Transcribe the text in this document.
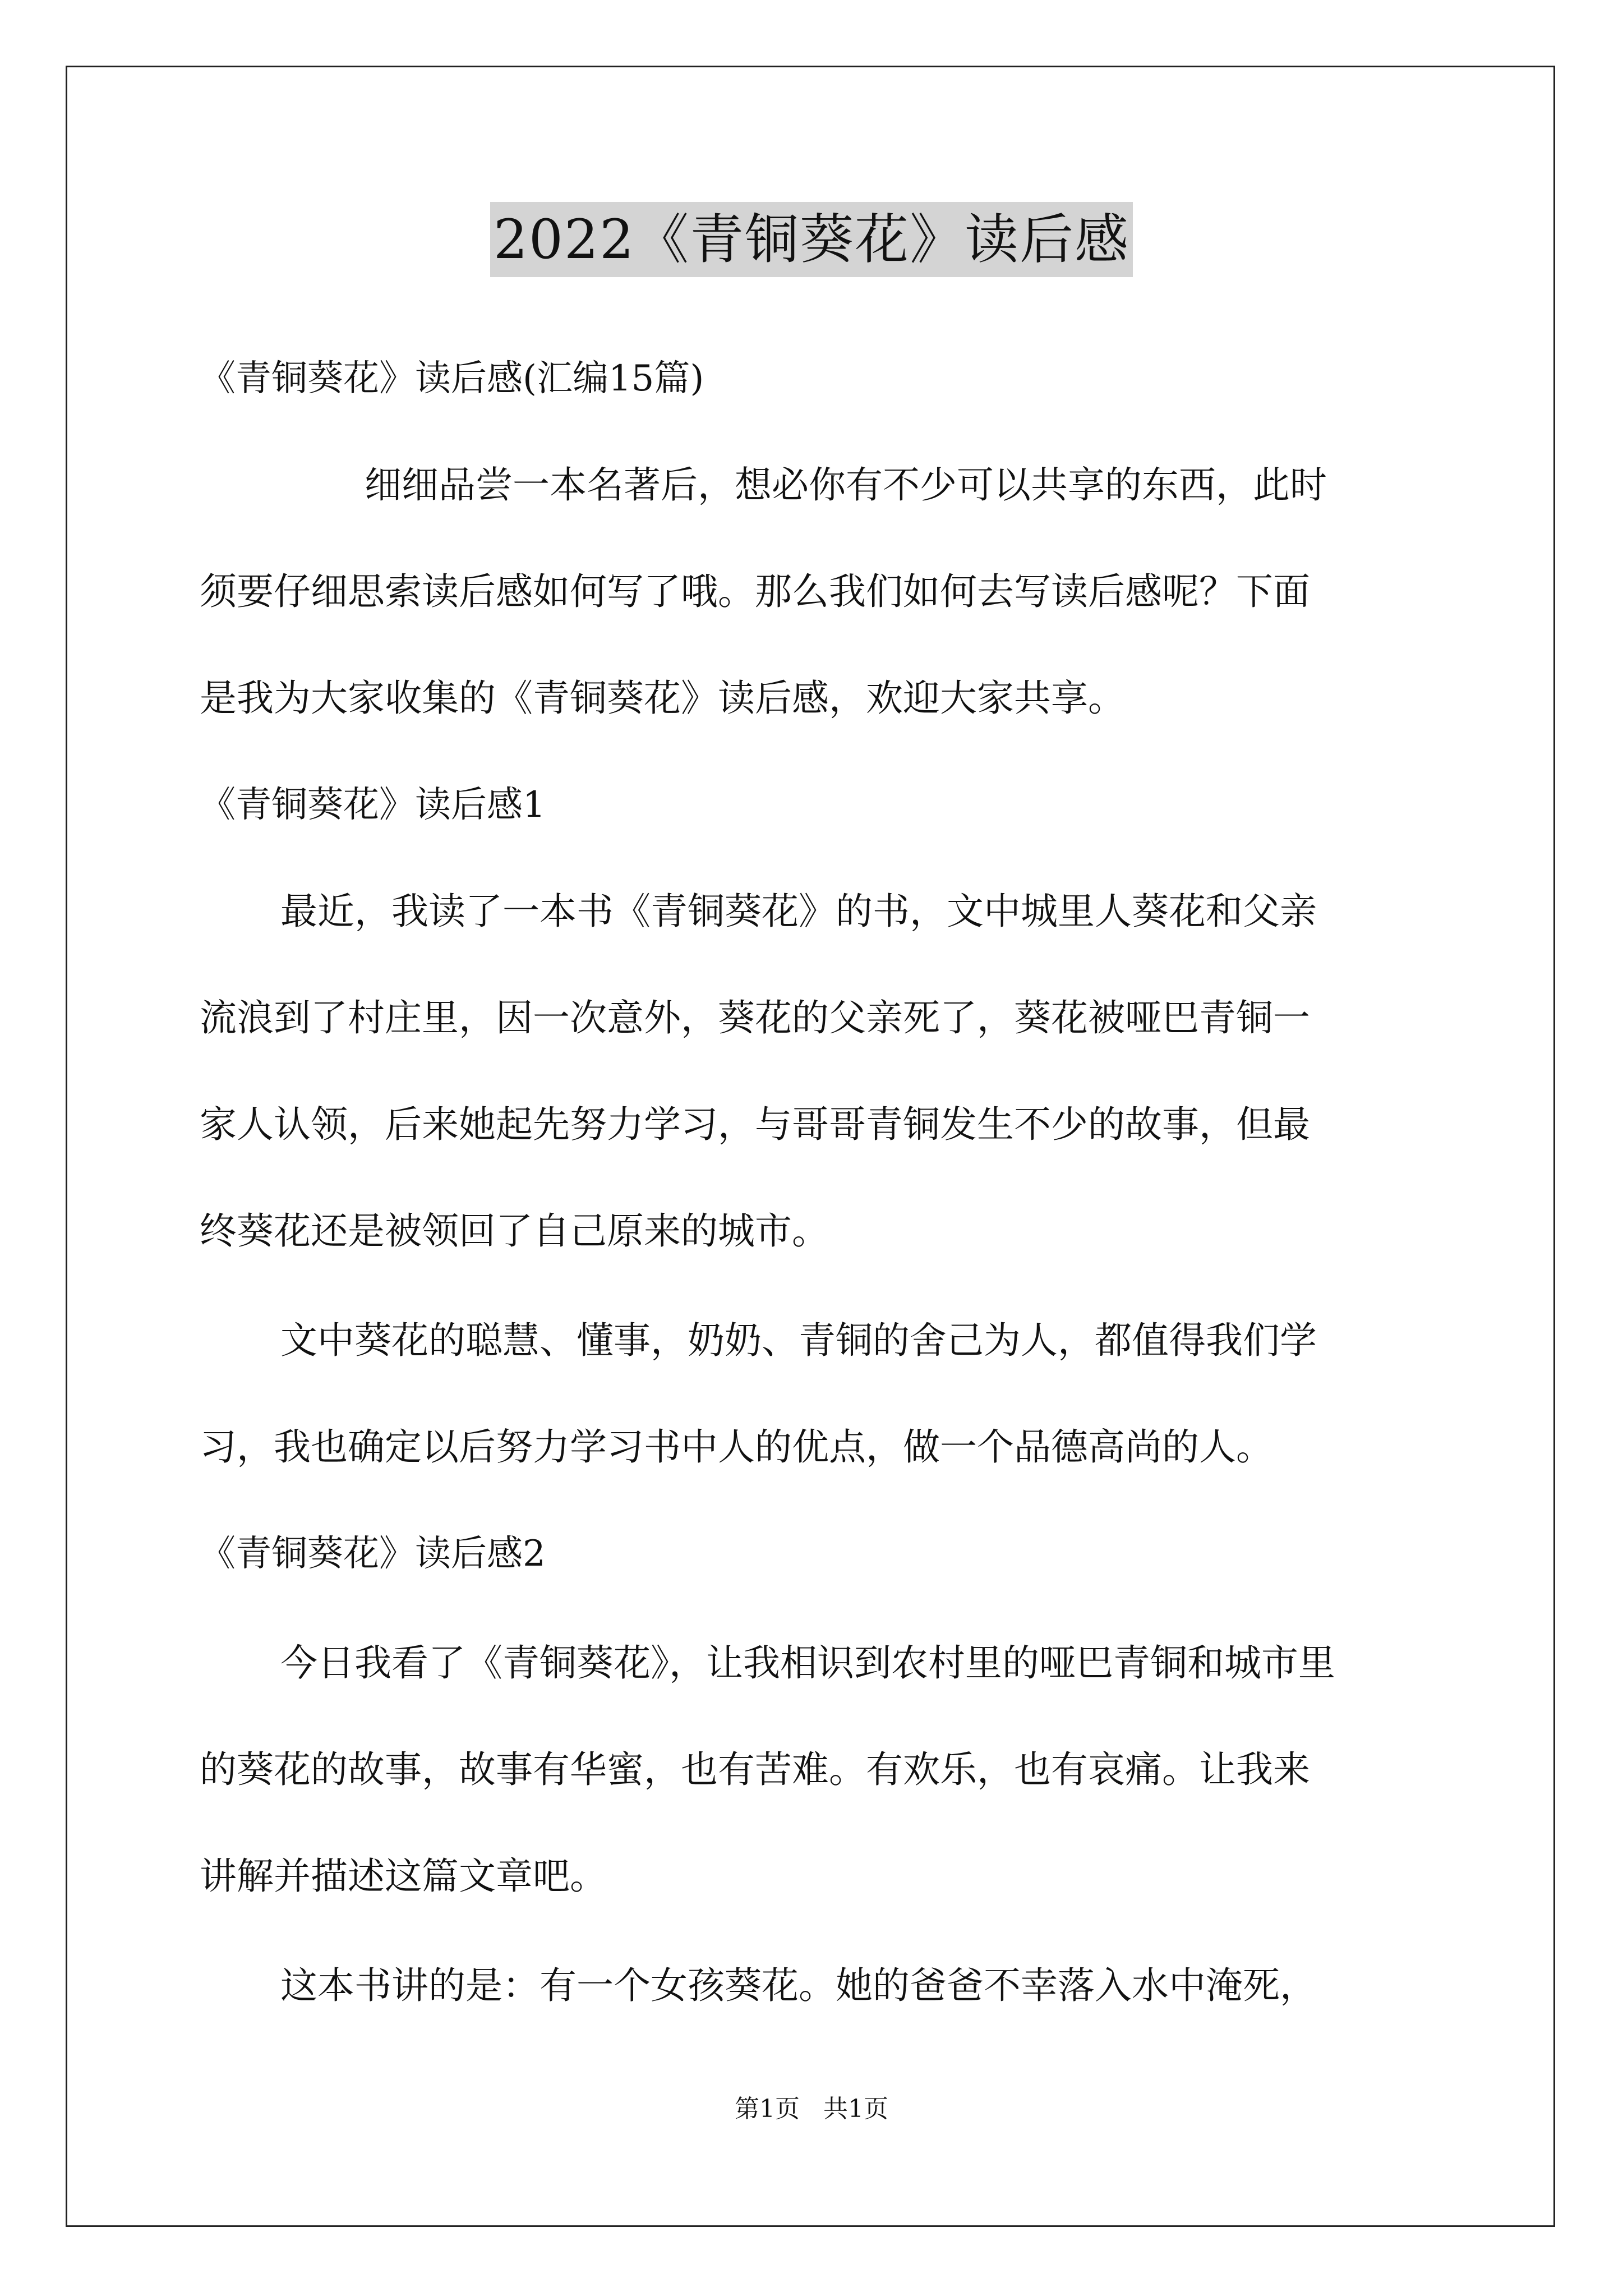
2022《青铜葵花》读后感
《青铜葵花》读后感(汇编15篇)
细细品尝一本名著后，想必你有不少可以共享的东西，此时
须要仔细思索读后感如何写了哦。那么我们如何去写读后感呢？下面
是我为大家收集的《青铜葵花》读后感，欢迎大家共享。
《青铜葵花》读后感1
最近，我读了一本书《青铜葵花》的书，文中城里人葵花和父亲
流浪到了村庄里，因一次意外，葵花的父亲死了，葵花被哑巴青铜一
家人认领，后来她起先努力学习，与哥哥青铜发生不少的故事，但最
终葵花还是被领回了自己原来的城市。
文中葵花的聪慧、懂事，奶奶、青铜的舍己为人，都值得我们学
习，我也确定以后努力学习书中人的优点，做一个品德高尚的人。
《青铜葵花》读后感2
今日我看了《青铜葵花》，让我相识到农村里的哑巴青铜和城市里
的葵花的故事，故事有华蜜，也有苦难。有欢乐，也有哀痛。让我来
讲解并描述这篇文章吧。
这本书讲的是：有一个女孩葵花。她的爸爸不幸落入水中淹死，
第1页 共1页
